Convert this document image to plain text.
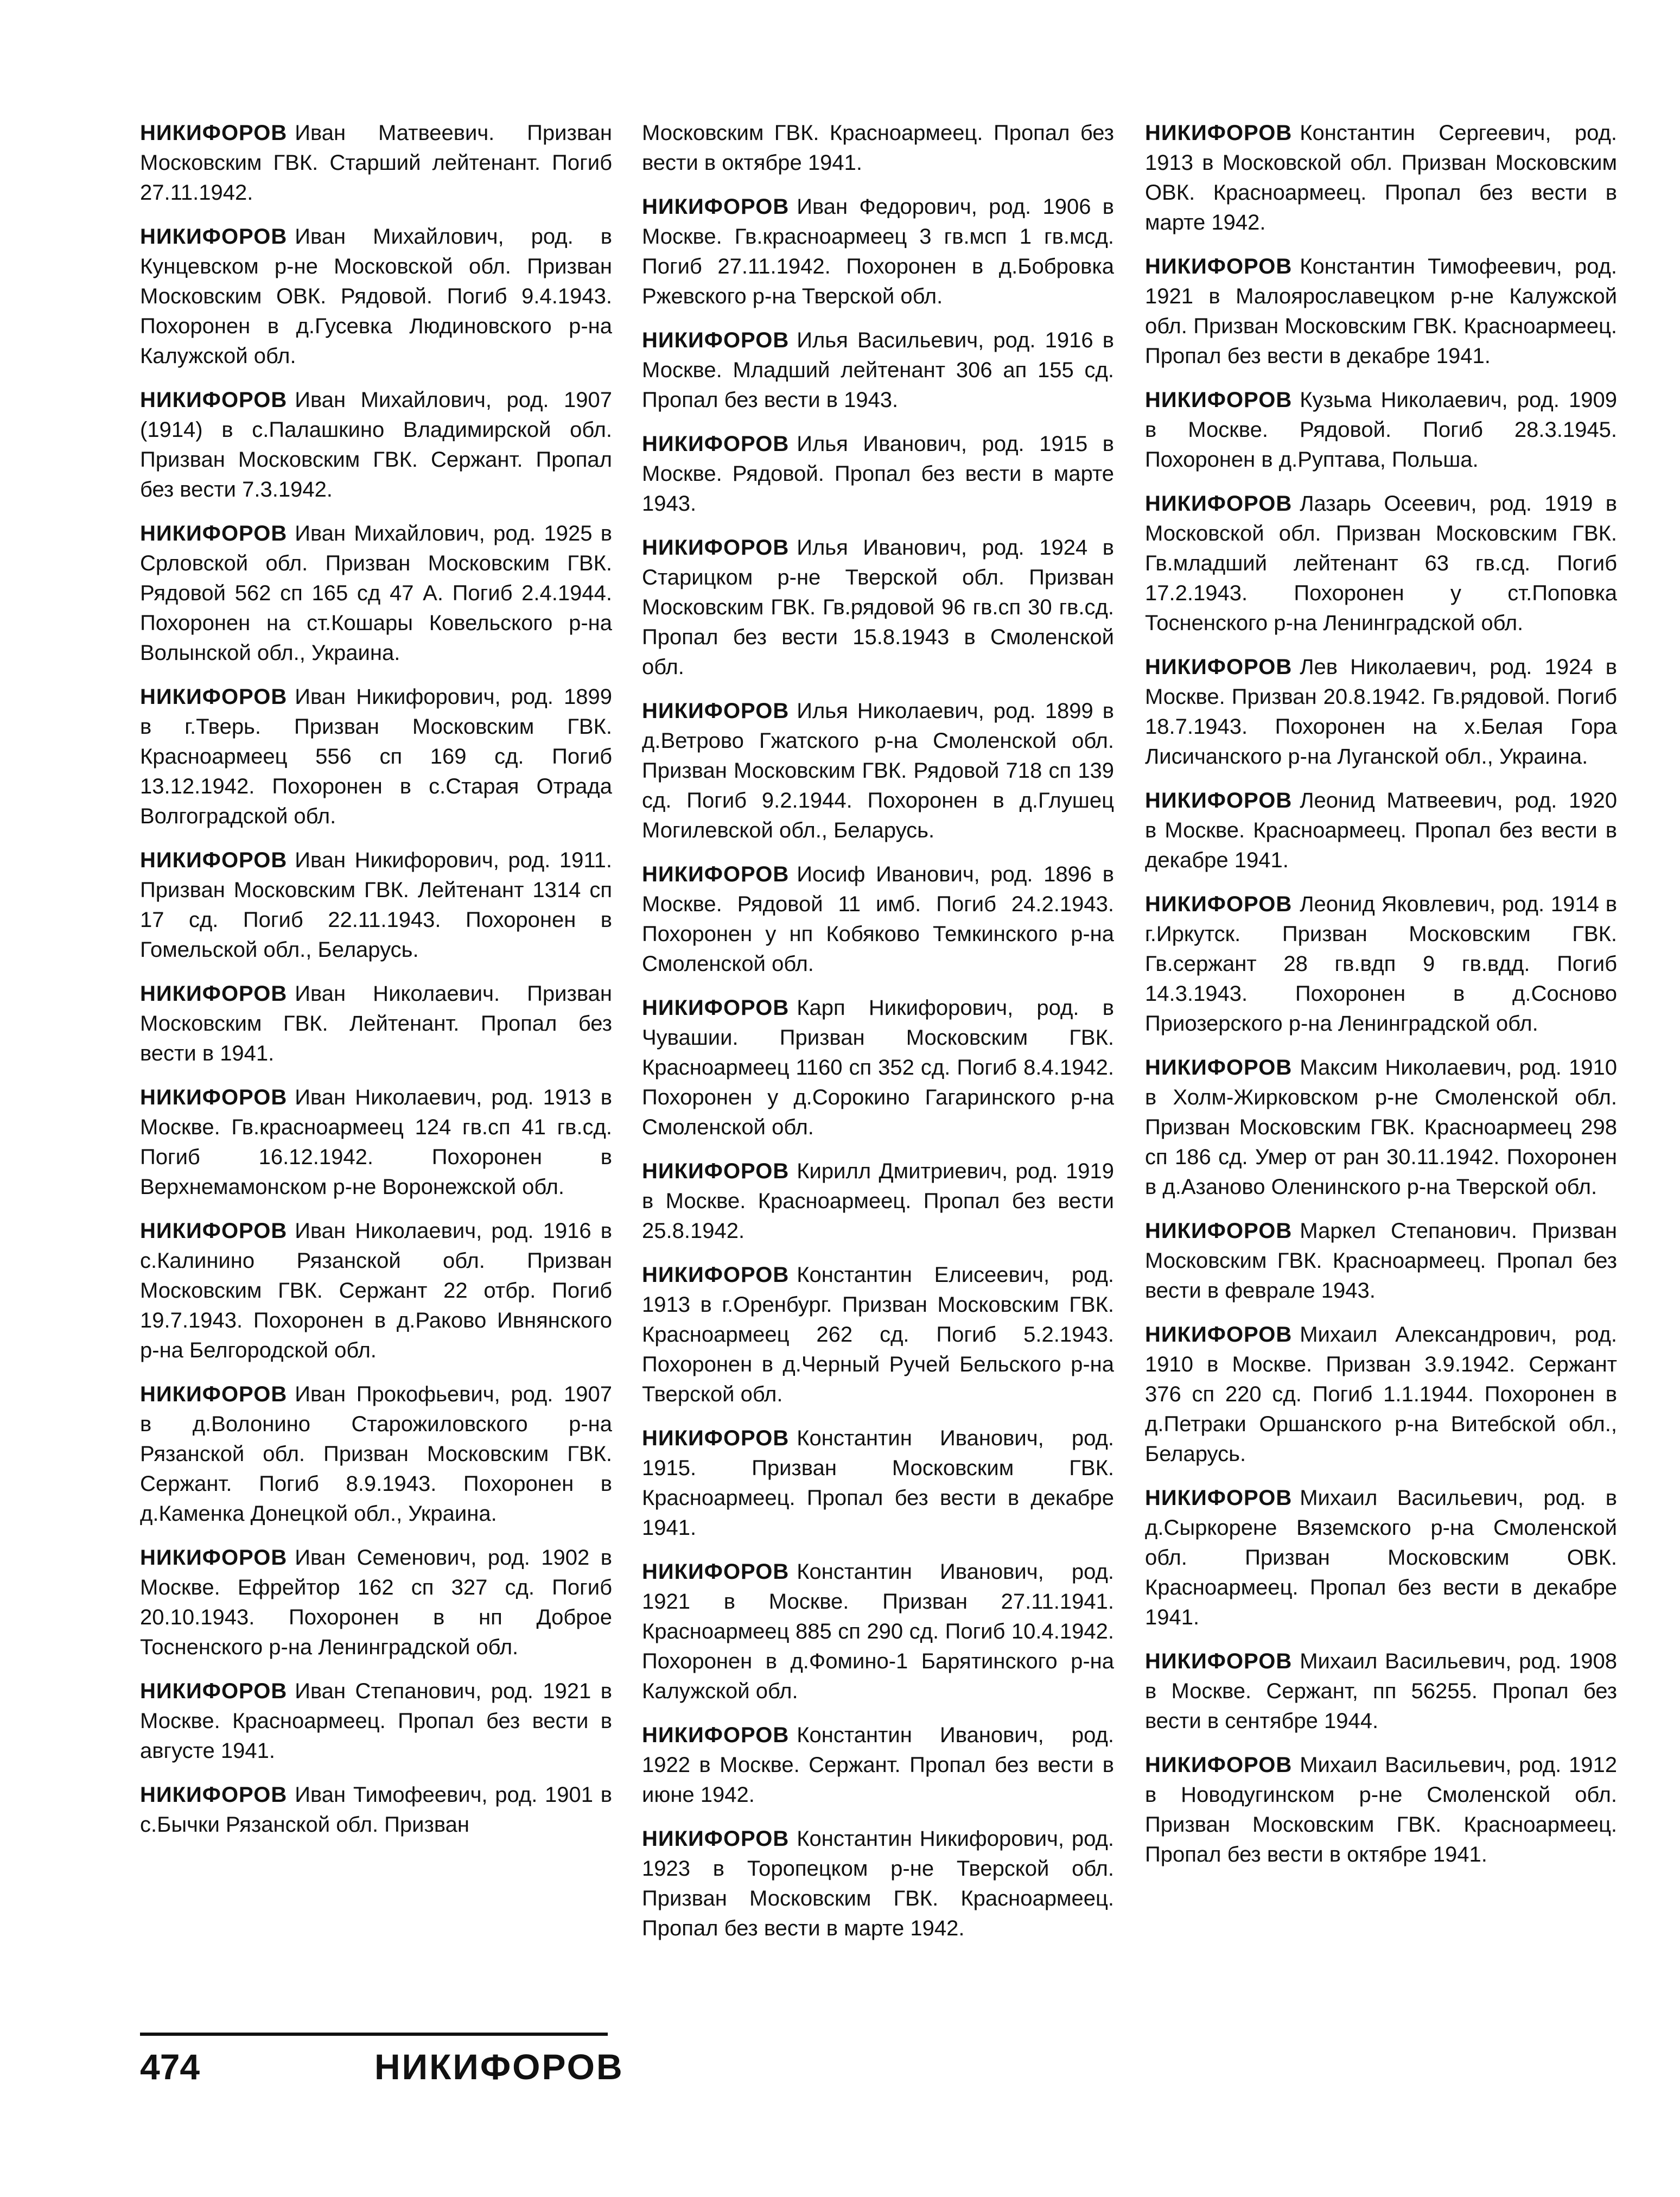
НИКИФОРОВ Иван Матвеевич. Призван Московским ГВК. Старший лейтенант. Погиб 27.11.1942.

НИКИФОРОВ Иван Михайлович, род. в Кунцевском р-не Московской обл. Призван Московским ОВК. Рядовой. Погиб 9.4.1943. Похоронен в д.Гусевка Людиновского р-на Калужской обл.

НИКИФОРОВ Иван Михайлович, род. 1907 (1914) в с.Палашкино Владимирской обл. Призван Московским ГВК. Сержант. Пропал без вести 7.3.1942.

НИКИФОРОВ Иван Михайлович, род. 1925 в Срловской обл. Призван Московским ГВК. Рядовой 562 сп 165 сд 47 А. Погиб 2.4.1944. Похоронен на ст.Кошары Ковельского р-на Волынской обл., Украина.

НИКИФОРОВ Иван Никифорович, род. 1899 в г.Тверь. Призван Московским ГВК. Красноармеец 556 сп 169 сд. Погиб 13.12.1942. Похоронен в с.Старая Отрада Волгоградской обл.

НИКИФОРОВ Иван Никифорович, род. 1911. Призван Московским ГВК. Лейтенант 1314 сп 17 сд. Погиб 22.11.1943. Похоронен в Гомельской обл., Беларусь.

НИКИФОРОВ Иван Николаевич. Призван Московским ГВК. Лейтенант. Пропал без вести в 1941.

НИКИФОРОВ Иван Николаевич, род. 1913 в Москве. Гв.красноармеец 124 гв.сп 41 гв.сд. Погиб 16.12.1942. Похоронен в Верхнемамонском р-не Воронежской обл.

НИКИФОРОВ Иван Николаевич, род. 1916 в с.Калинино Рязанской обл. Призван Московским ГВК. Сержант 22 отбр. Погиб 19.7.1943. Похоронен в д.Раково Ивнянского р-на Белгородской обл.

НИКИФОРОВ Иван Прокофьевич, род. 1907 в д.Волонино Старожиловского р-на Рязанской обл. Призван Московским ГВК. Сержант. Погиб 8.9.1943. Похоронен в д.Каменка Донецкой обл., Украина.

НИКИФОРОВ Иван Семенович, род. 1902 в Москве. Ефрейтор 162 сп 327 сд. Погиб 20.10.1943. Похоронен в нп Доброе Тосненского р-на Ленинградской обл.

НИКИФОРОВ Иван Степанович, род. 1921 в Москве. Красноармеец. Пропал без вести в августе 1941.

НИКИФОРОВ Иван Тимофеевич, род. 1901 в с.Бычки Рязанской обл. Призван

Московским ГВК. Красноармеец. Пропал без вести в октябре 1941.

НИКИФОРОВ Иван Федорович, род. 1906 в Москве. Гв.красноармеец 3 гв.мсп 1 гв.мсд. Погиб 27.11.1942. Похоронен в д.Бобровка Ржевского р-на Тверской обл.

НИКИФОРОВ Илья Васильевич, род. 1916 в Москве. Младший лейтенант 306 ап 155 сд. Пропал без вести в 1943.

НИКИФОРОВ Илья Иванович, род. 1915 в Москве. Рядовой. Пропал без вести в марте 1943.

НИКИФОРОВ Илья Иванович, род. 1924 в Старицком р-не Тверской обл. Призван Московским ГВК. Гв.рядовой 96 гв.сп 30 гв.сд. Пропал без вести 15.8.1943 в Смоленской обл.

НИКИФОРОВ Илья Николаевич, род. 1899 в д.Ветрово Гжатского р-на Смоленской обл. Призван Московским ГВК. Рядовой 718 сп 139 сд. Погиб 9.2.1944. Похоронен в д.Глушец Могилевской обл., Беларусь.

НИКИФОРОВ Иосиф Иванович, род. 1896 в Москве. Рядовой 11 имб. Погиб 24.2.1943. Похоронен у нп Кобяково Темкинского р-на Смоленской обл.

НИКИФОРОВ Карп Никифорович, род. в Чувашии. Призван Московским ГВК. Красноармеец 1160 сп 352 сд. Погиб 8.4.1942. Похоронен у д.Сорокино Гагаринского р-на Смоленской обл.

НИКИФОРОВ Кирилл Дмитриевич, род. 1919 в Москве. Красноармеец. Пропал без вести 25.8.1942.

НИКИФОРОВ Константин Елисеевич, род. 1913 в г.Оренбург. Призван Московским ГВК. Красноармеец 262 сд. Погиб 5.2.1943. Похоронен в д.Черный Ручей Бельского р-на Тверской обл.

НИКИФОРОВ Константин Иванович, род. 1915. Призван Московским ГВК. Красноармеец. Пропал без вести в декабре 1941.

НИКИФОРОВ Константин Иванович, род. 1921 в Москве. Призван 27.11.1941. Красноармеец 885 сп 290 сд. Погиб 10.4.1942. Похоронен в д.Фомино-1 Барятинского р-на Калужской обл.

НИКИФОРОВ Константин Иванович, род. 1922 в Москве. Сержант. Пропал без вести в июне 1942.

НИКИФОРОВ Константин Никифорович, род. 1923 в Торопецком р-не Тверской обл. Призван Московским ГВК. Красноармеец. Пропал без вести в марте 1942.

НИКИФОРОВ Константин Сергеевич, род. 1913 в Московской обл. Призван Московским ОВК. Красноармеец. Пропал без вести в марте 1942.

НИКИФОРОВ Константин Тимофеевич, род. 1921 в Малоярославецком р-не Калужской обл. Призван Московским ГВК. Красноармеец. Пропал без вести в декабре 1941.

НИКИФОРОВ Кузьма Николаевич, род. 1909 в Москве. Рядовой. Погиб 28.3.1945. Похоронен в д.Руптава, Польша.

НИКИФОРОВ Лазарь Осеевич, род. 1919 в Московской обл. Призван Московским ГВК. Гв.младший лейтенант 63 гв.сд. Погиб 17.2.1943. Похоронен у ст.Поповка Тосненского р-на Ленинградской обл.

НИКИФОРОВ Лев Николаевич, род. 1924 в Москве. Призван 20.8.1942. Гв.рядовой. Погиб 18.7.1943. Похоронен на х.Белая Гора Лисичанского р-на Луганской обл., Украина.

НИКИФОРОВ Леонид Матвеевич, род. 1920 в Москве. Красноармеец. Пропал без вести в декабре 1941.

НИКИФОРОВ Леонид Яковлевич, род. 1914 в г.Иркутск. Призван Московским ГВК. Гв.сержант 28 гв.вдп 9 гв.вдд. Погиб 14.3.1943. Похоронен в д.Сосново Приозерского р-на Ленинградской обл.

НИКИФОРОВ Максим Николаевич, род. 1910 в Холм-Жирковском р-не Смоленской обл. Призван Московским ГВК. Красноармеец 298 сп 186 сд. Умер от ран 30.11.1942. Похоронен в д.Азаново Оленинского р-на Тверской обл.

НИКИФОРОВ Маркел Степанович. Призван Московским ГВК. Красноармеец. Пропал без вести в феврале 1943.

НИКИФОРОВ Михаил Александрович, род. 1910 в Москве. Призван 3.9.1942. Сержант 376 сп 220 сд. Погиб 1.1.1944. Похоронен в д.Петраки Оршанского р-на Витебской обл., Беларусь.

НИКИФОРОВ Михаил Васильевич, род. в д.Сыркорене Вяземского р-на Смоленской обл. Призван Московским ОВК. Красноармеец. Пропал без вести в декабре 1941.

НИКИФОРОВ Михаил Васильевич, род. 1908 в Москве. Сержант, пп 56255. Пропал без вести в сентябре 1944.

НИКИФОРОВ Михаил Васильевич, род. 1912 в Новодугинском р-не Смоленской обл. Призван Московским ГВК. Красноармеец. Пропал без вести в октябре 1941.

474	НИКИФОРОВ
